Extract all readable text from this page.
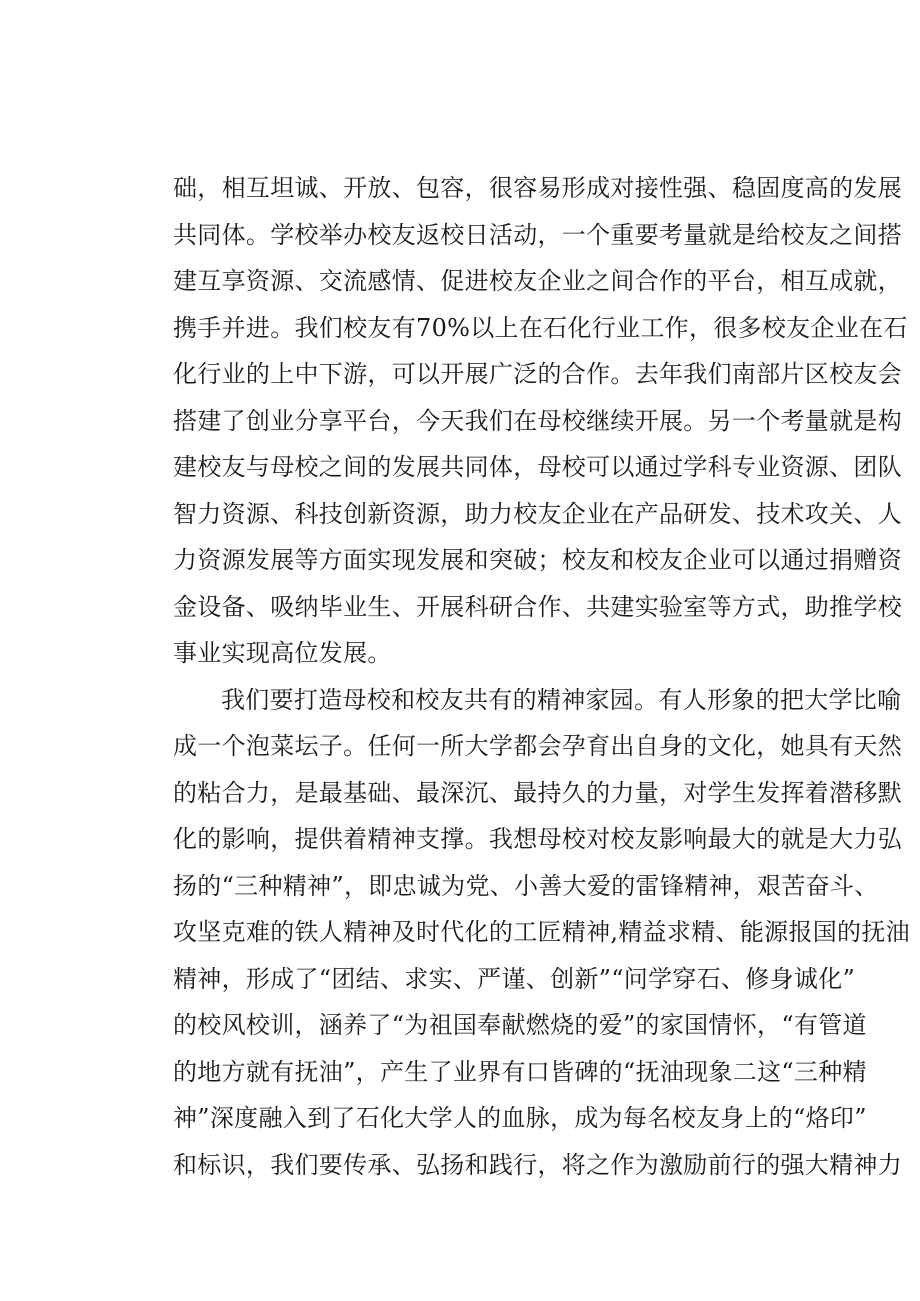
础，相互坦诚、开放、包容，很容易形成对接性强、稳固度高的发展
共同体。学校举办校友返校日活动，一个重要考量就是给校友之间搭
建互享资源、交流感情、促进校友企业之间合作的平台，相互成就，
携手并进。我们校友有70%以上在石化行业工作，很多校友企业在石
化行业的上中下游，可以开展广泛的合作。去年我们南部片区校友会
搭建了创业分享平台，今天我们在母校继续开展。另一个考量就是构
建校友与母校之间的发展共同体，母校可以通过学科专业资源、团队
智力资源、科技创新资源，助力校友企业在产品研发、技术攻关、人
力资源发展等方面实现发展和突破；校友和校友企业可以通过捐赠资
金设备、吸纳毕业生、开展科研合作、共建实验室等方式，助推学校
事业实现高位发展。
我们要打造母校和校友共有的精神家园。有人形象的把大学比喻
成一个泡菜坛子。任何一所大学都会孕育出自身的文化，她具有天然
的粘合力，是最基础、最深沉、最持久的力量，对学生发挥着潜移默
化的影响，提供着精神支撑。我想母校对校友影响最大的就是大力弘
扬的“三种精神”，即忠诚为党、小善大爱的雷锋精神，艰苦奋斗、
攻坚克难的铁人精神及时代化的工匠精神,精益求精、能源报国的抚油
精神，形成了“团结、求实、严谨、创新”“问学穿石、修身诚化”
的校风校训，涵养了“为祖国奉献燃烧的爱”的家国情怀，“有管道
的地方就有抚油”，产生了业界有口皆碑的“抚油现象二这“三种精
神”深度融入到了石化大学人的血脉，成为每名校友身上的“烙印”
和标识，我们要传承、弘扬和践行，将之作为激励前行的强大精神力
